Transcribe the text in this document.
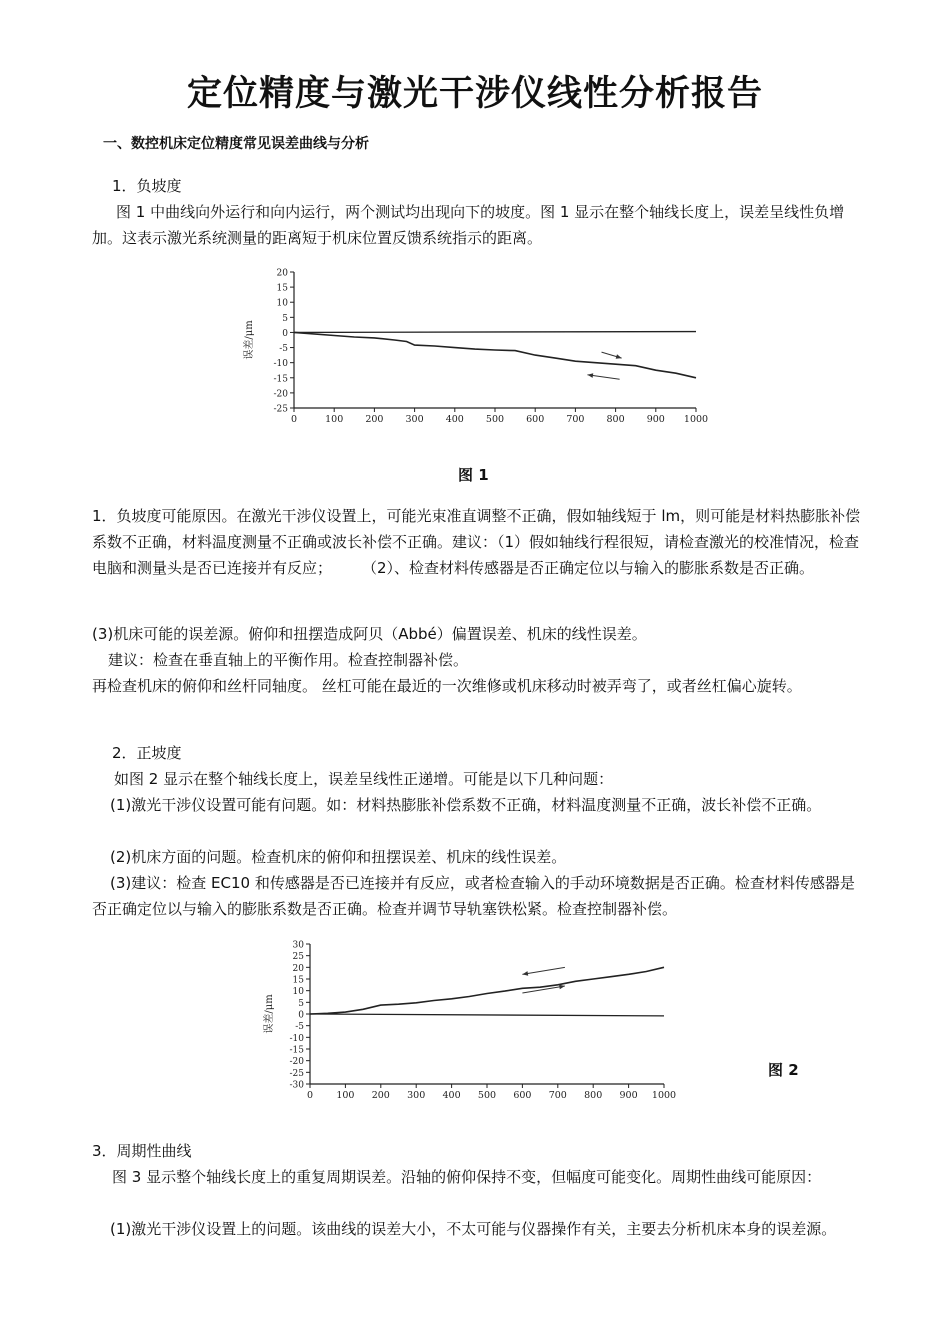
定位精度与激光干涉仪线性分析报告
一、数控机床定位精度常见误差曲线与分析
1．负坡度

图 1 中曲线向外运行和向内运行，两个测试均出现向下的坡度。图 1 显示在整个轴线长度上，误差呈线性负增加。这表示激光系统测量的距离短于机床位置反馈系统指示的距离。

20
15
10
5
0
-5
-10
-15
-20
-25
0	100 200 300 400 500 600 700 800 900 1000
误差/μm
图 1

1．负坡度可能原因。在激光干涉仪设置上，可能光束准直调整不正确，假如轴线短于 lm，则可能是材料热膨胀补偿系数不正确，材料温度测量不正确或波长补偿不正确。建议：（1）假如轴线行程很短，请检查激光的校准情况，检查电脑和测量头是否已连接并有反应；　　　（2）、检查材料传感器是否正确定位以与输入的膨胀系数是否正确。

(3)机床可能的误差源。俯仰和扭摆造成阿贝（Abbé）偏置误差、机床的线性误差。

建议：检查在垂直轴上的平衡作用。检查控制器补偿。

再检查机床的俯仰和丝杆同轴度。 丝杠可能在最近的一次维修或机床移动时被弄弯了，或者丝杠偏心旋转。

2．正坡度

如图 2 显示在整个轴线长度上，误差呈线性正递增。可能是以下几种问题：

(1)激光干涉仪设置可能有问题。如：材料热膨胀补偿系数不正确，材料温度测量不正确，波长补偿不正确。

(2)机床方面的问题。检查机床的俯仰和扭摆误差、机床的线性误差。

(3)建议：检查 EC10 和传感器是否已连接并有反应，或者检查输入的手动环境数据是否正确。检查材料传感器是否正确定位以与输入的膨胀系数是否正确。检查并调节导轨塞铁松紧。检查控制器补偿。

30
25
20
15
10
5
0
-5
-10
-15
-20
-25
-30
0 100 200 300 400 500 600 700 800 900 1000
误差/μm
图 2
3．周期性曲线

图 3 显示整个轴线长度上的重复周期误差。沿轴的俯仰保持不变，但幅度可能变化。周期性曲线可能原因：

(1)激光干涉仪设置上的问题。该曲线的误差大小，不太可能与仪器操作有关，主要去分析机床本身的误差源。
